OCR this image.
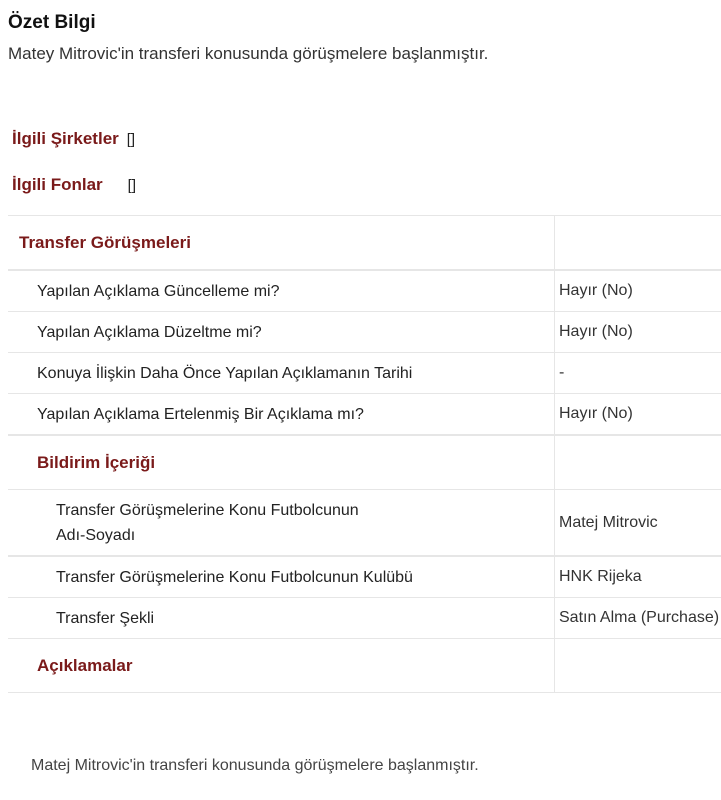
Özet Bilgi

Matey Mitrovic'in transferi konusunda görüşmelere başlanmıştır.

İlgili Şirketler []
İlgili Fonlar []
Transfer Görüşmeleri	
Yapılan Açıklama Güncelleme mi?	Hayır (No)
Yapılan Açıklama Düzeltme mi?	Hayır (No)
Konuya İlişkin Daha Önce Yapılan Açıklamanın Tarihi	-
Yapılan Açıklama Ertelenmiş Bir Açıklama mı?	Hayır (No)
Bildirim İçeriği	
Transfer Görüşmelerine Konu Futbolcunun
Adı-Soyadı	Matej Mitrovic
Transfer Görüşmelerine Konu Futbolcunun Kulübü	HNK Rijeka
Transfer Şekli	Satın Alma (Purchase)
Açıklamalar	

Matej Mitrovic'in transferi konusunda görüşmelere başlanmıştır.
